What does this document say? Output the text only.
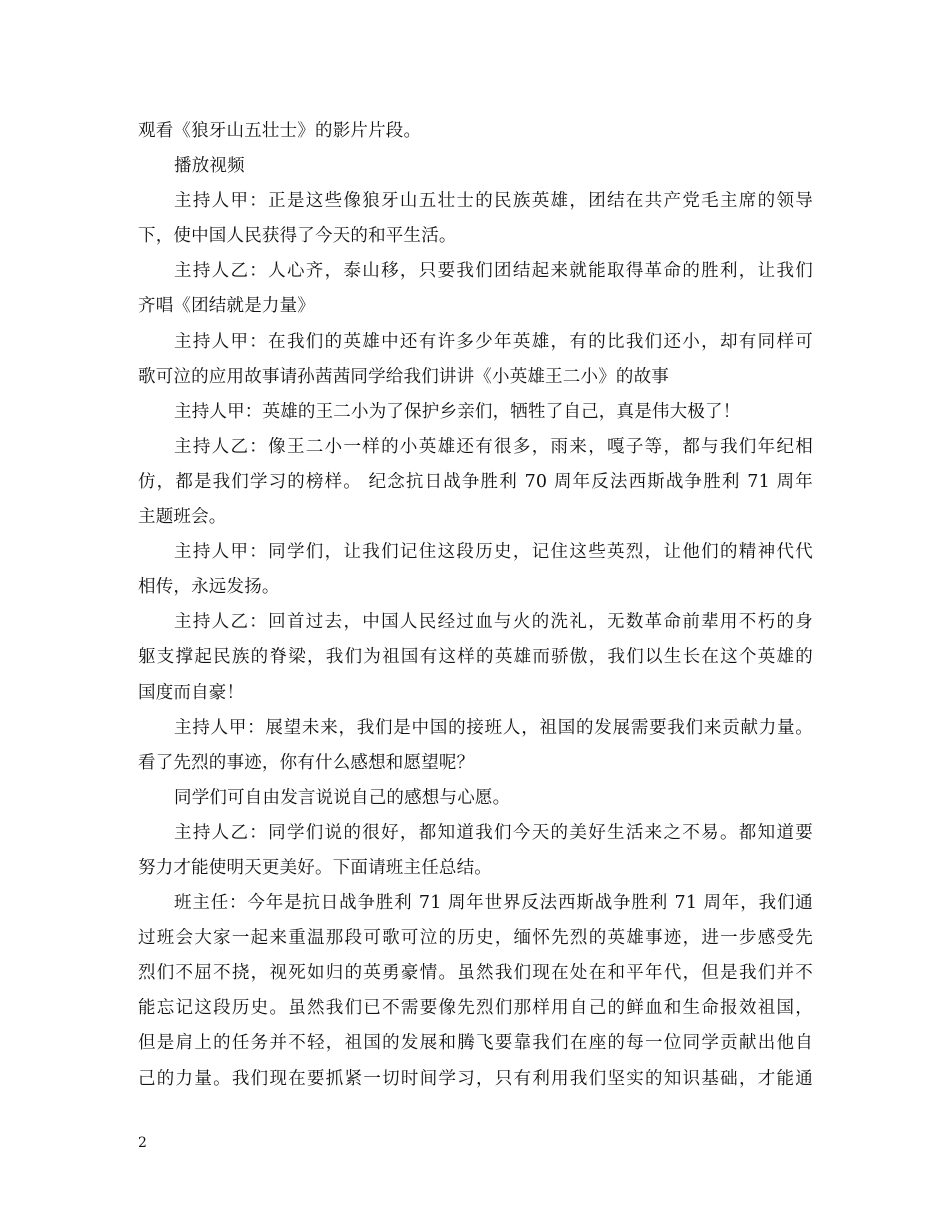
观看《狼牙山五壮士》的影片片段。
播放视频
主持人甲：正是这些像狼牙山五壮士的民族英雄，团结在共产党毛主席的领导
下，使中国人民获得了今天的和平生活。
主持人乙：人心齐，泰山移，只要我们团结起来就能取得革命的胜利，让我们
齐唱《团结就是力量》
主持人甲：在我们的英雄中还有许多少年英雄，有的比我们还小，却有同样可
歌可泣的应用故事请孙茜茜同学给我们讲讲《小英雄王二小》的故事
主持人甲：英雄的王二小为了保护乡亲们，牺牲了自己，真是伟大极了！
主持人乙：像王二小一样的小英雄还有很多，雨来，嘎子等，都与我们年纪相
仿，都是我们学习的榜样。 纪念抗日战争胜利 70 周年反法西斯战争胜利 71 周年
主题班会。
主持人甲：同学们，让我们记住这段历史，记住这些英烈，让他们的精神代代
相传，永远发扬。
主持人乙：回首过去，中国人民经过血与火的洗礼，无数革命前辈用不朽的身
躯支撑起民族的脊梁，我们为祖国有这样的英雄而骄傲，我们以生长在这个英雄的
国度而自豪！
主持人甲：展望未来，我们是中国的接班人，祖国的发展需要我们来贡献力量。
看了先烈的事迹，你有什么感想和愿望呢？
同学们可自由发言说说自己的感想与心愿。
主持人乙：同学们说的很好，都知道我们今天的美好生活来之不易。都知道要
努力才能使明天更美好。下面请班主任总结。
班主任：今年是抗日战争胜利 71 周年世界反法西斯战争胜利 71 周年，我们通
过班会大家一起来重温那段可歌可泣的历史，缅怀先烈的英雄事迹，进一步感受先
烈们不屈不挠，视死如归的英勇豪情。虽然我们现在处在和平年代，但是我们并不
能忘记这段历史。虽然我们已不需要像先烈们那样用自己的鲜血和生命报效祖国，
但是肩上的任务并不轻，祖国的发展和腾飞要靠我们在座的每一位同学贡献出他自
己的力量。我们现在要抓紧一切时间学习，只有利用我们坚实的知识基础，才能通
2
